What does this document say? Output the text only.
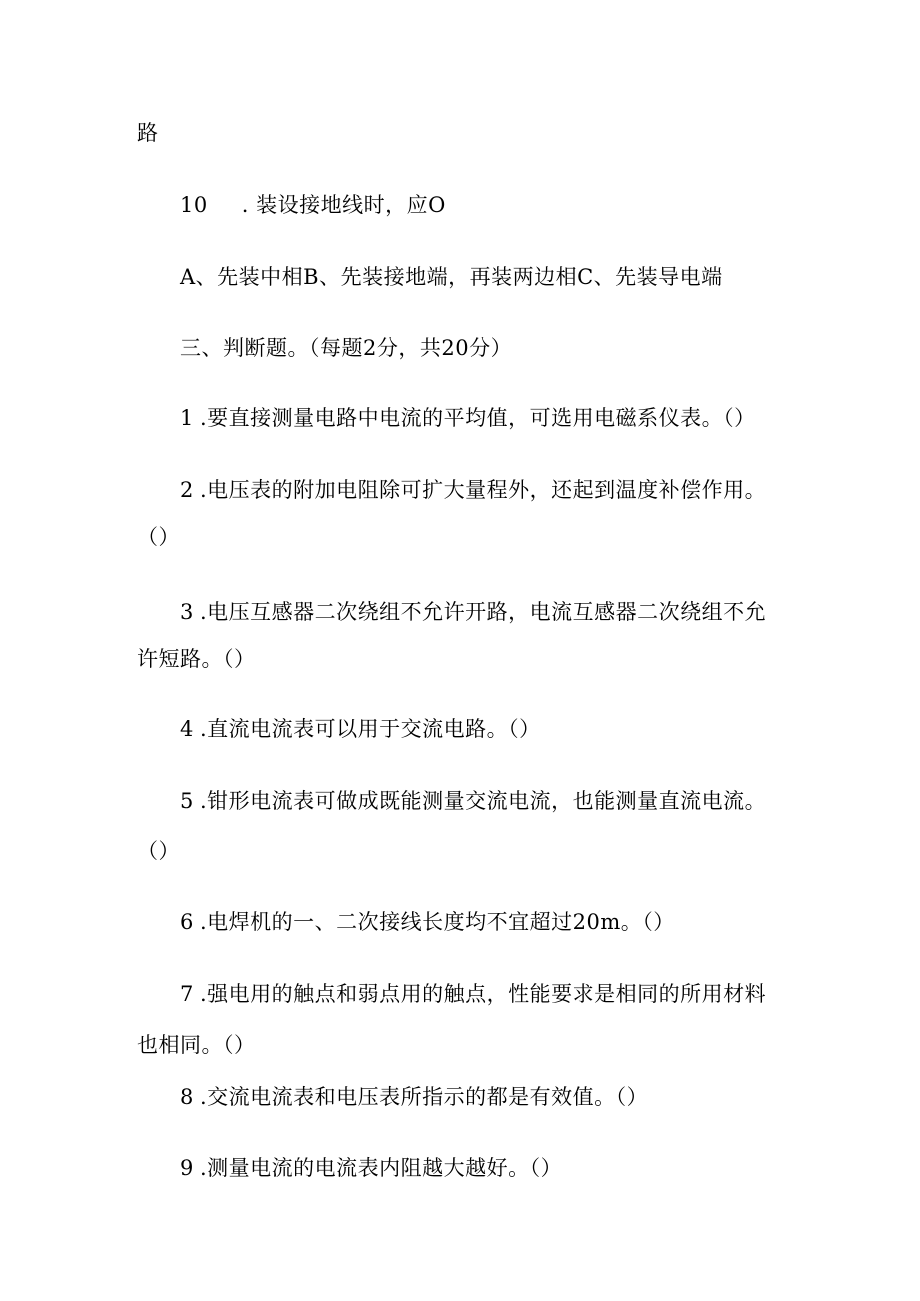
路
10 . 装设接地线时，应O
A、先装中相B、先装接地端，再装两边相C、先装导电端
三、判断题。（每题2分，共20分）
1 .要直接测量电路中电流的平均值，可选用电磁系仪表。（）
2 .电压表的附加电阻除可扩大量程外，还起到温度补偿作用。
（）
3 .电压互感器二次绕组不允许开路，电流互感器二次绕组不允
许短路。（）
4 .直流电流表可以用于交流电路。（）
5 .钳形电流表可做成既能测量交流电流，也能测量直流电流。
（）
6 .电焊机的一、二次接线长度均不宜超过20m。（）
7 .强电用的触点和弱点用的触点，性能要求是相同的所用材料
也相同。（）
8 .交流电流表和电压表所指示的都是有效值。（）
9 .测量电流的电流表内阻越大越好。（）
